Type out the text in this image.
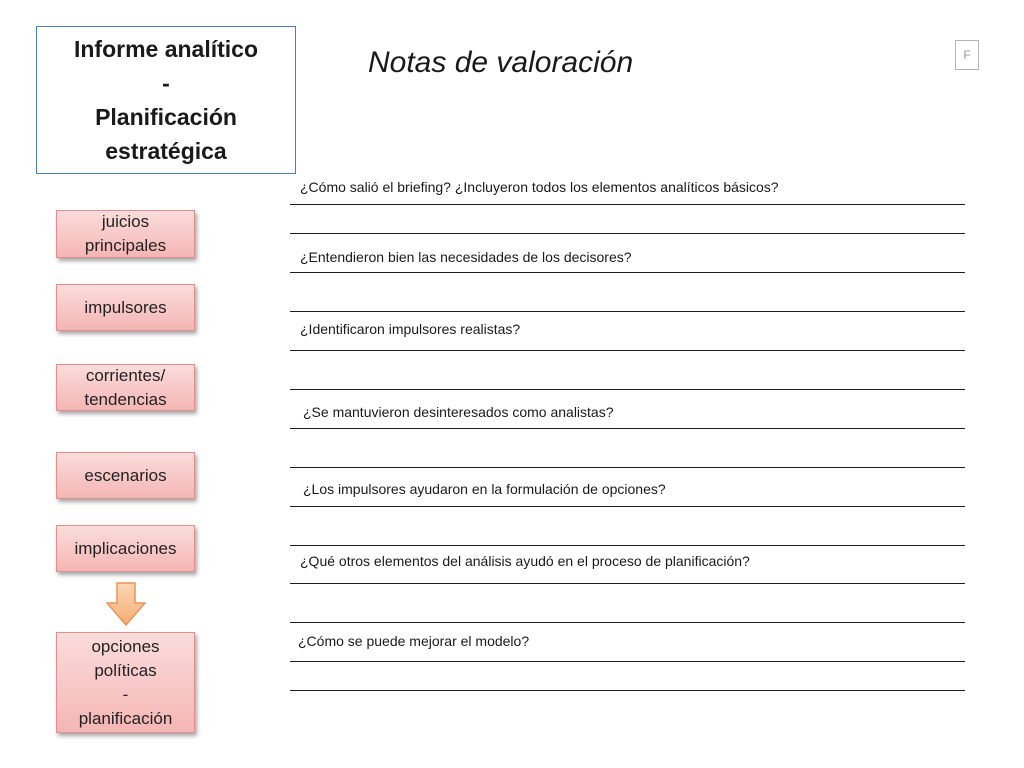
Informe analítico
-
Planificación
estratégica
Notas de valoración	F
juicios
principales
impulsores
corrientes/
tendencias
escenarios
implicaciones
opciones
políticas
-
planificación
¿Cómo salió el briefing? ¿Incluyeron todos los elementos analíticos básicos?
¿Entendieron bien las necesidades de los decisores?
¿Identificaron impulsores realistas?
¿Se mantuvieron desinteresados como analistas?
¿Los impulsores ayudaron en la formulación de opciones?
¿Qué otros elementos del análisis ayudó en el proceso de planificación?
¿Cómo se puede mejorar el modelo?
